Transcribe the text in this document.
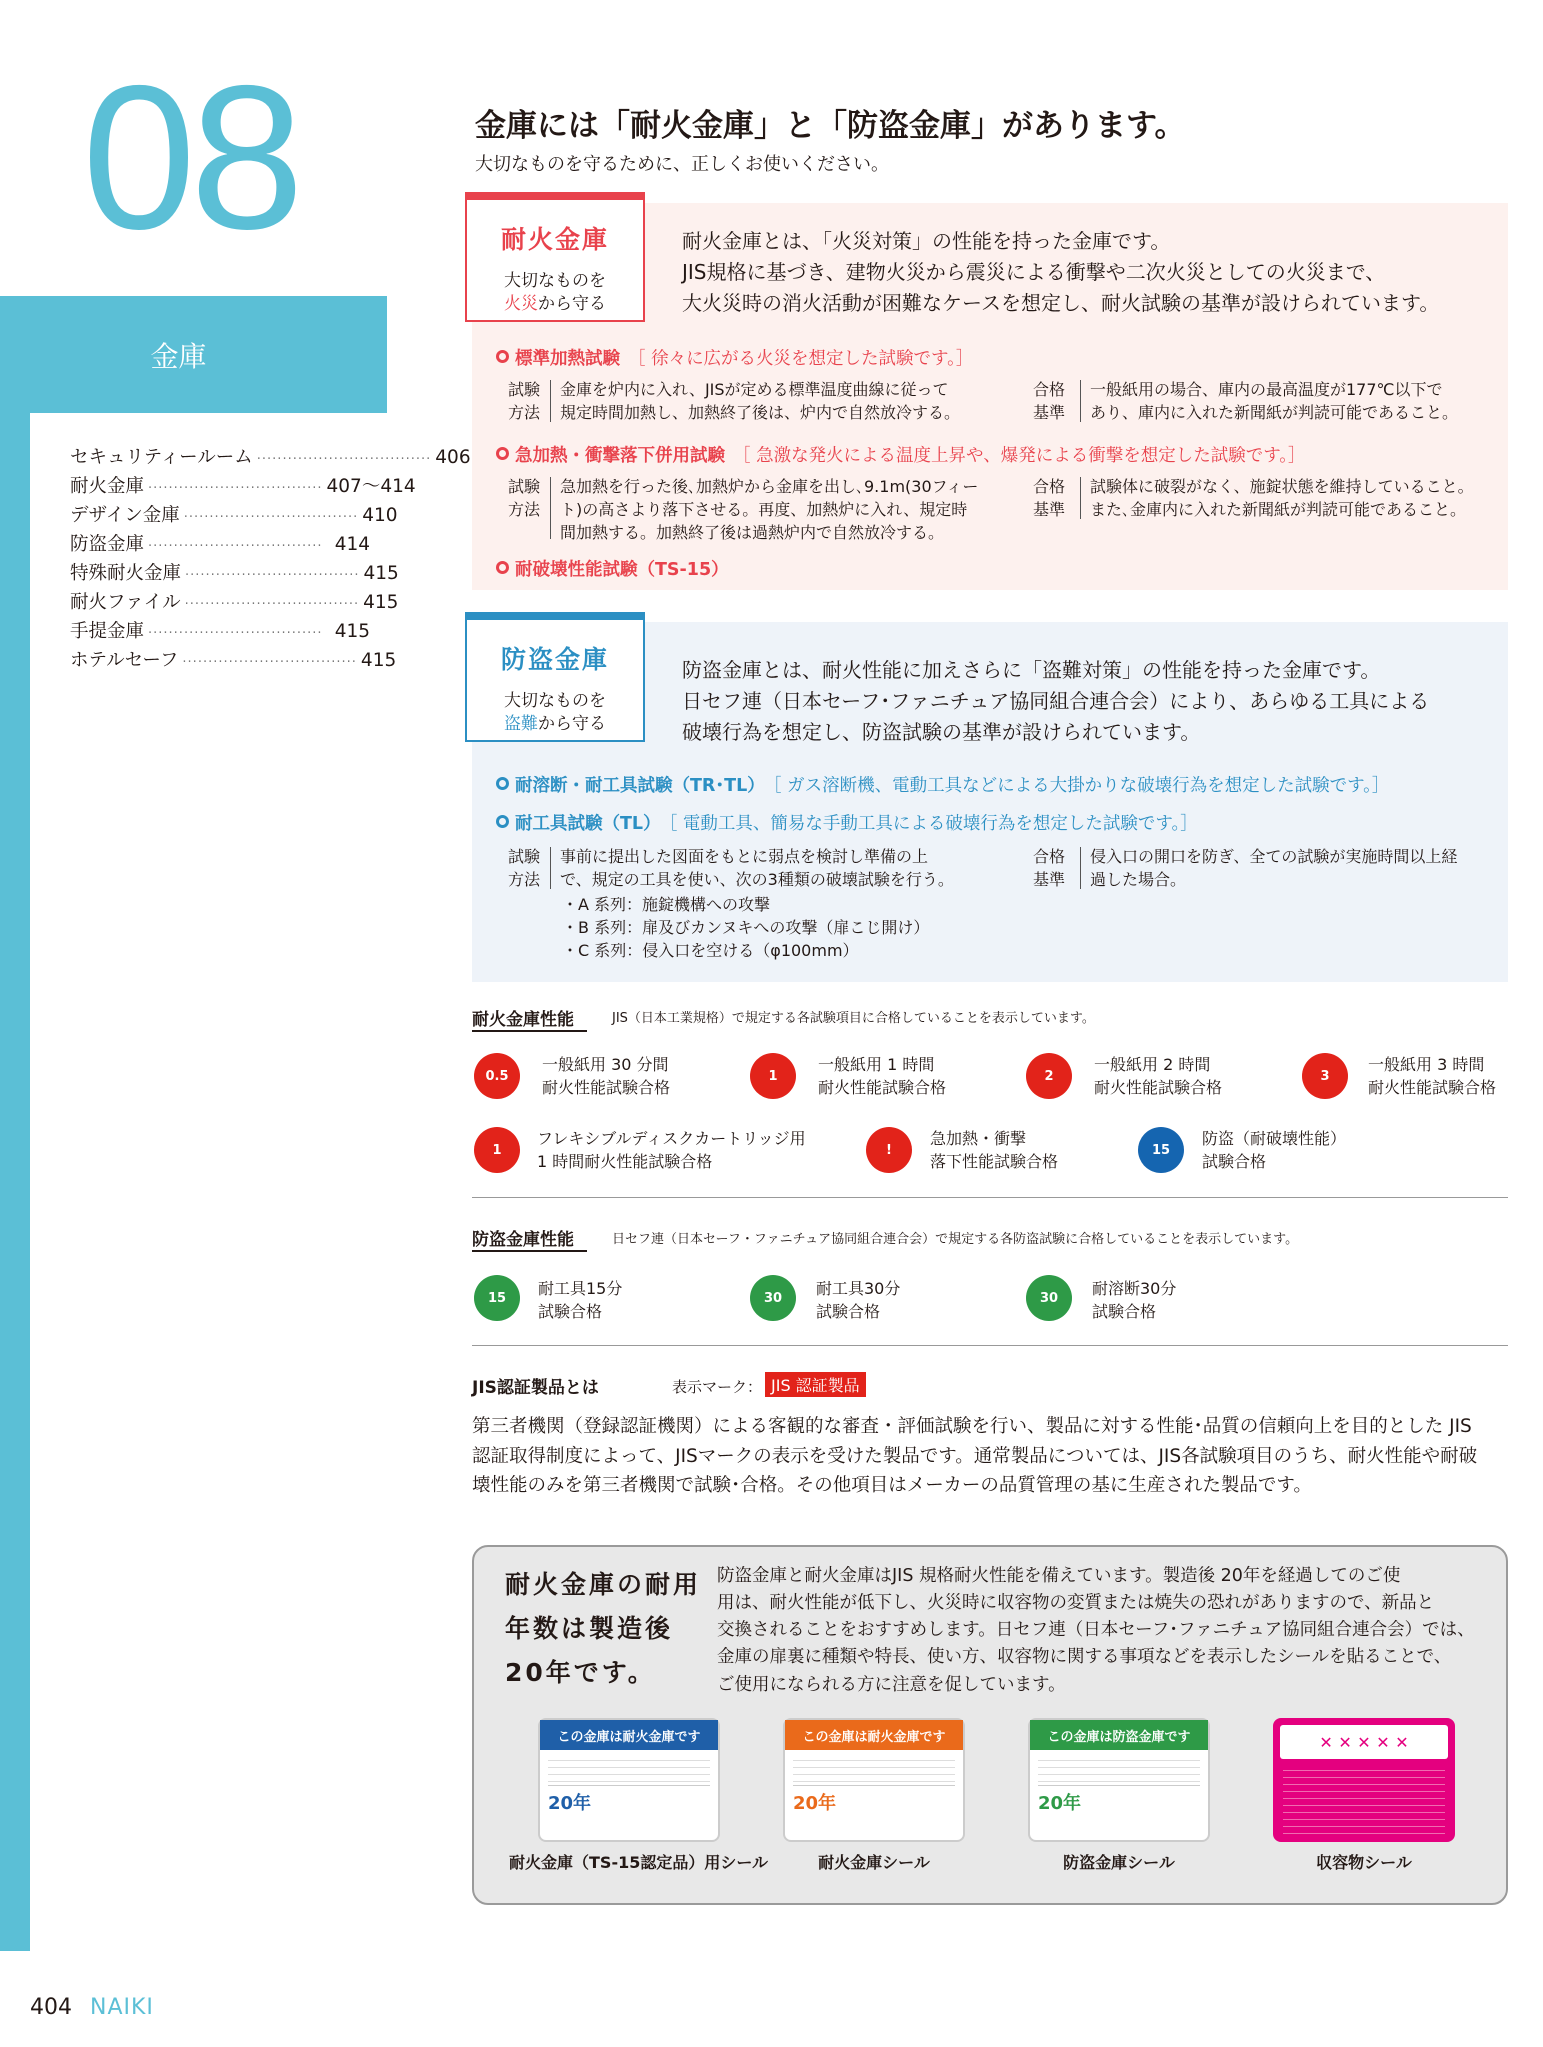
08
金庫
セキュリティールーム ·································· 406
耐火金庫 ·································· 407～414
デザイン金庫 ·································· 410
防盗金庫 ·································· 414
特殊耐火金庫 ·································· 415
耐火ファイル ·································· 415
手提金庫 ·································· 415
ホテルセーフ ·································· 415
金庫には「耐火金庫」と「防盗金庫」があります。
大切なものを守るために、正しくお使いください。
耐火金庫
大切なものを
火災から守る
耐火金庫とは、「火災対策」の性能を持った金庫です。
JIS規格に基づき、建物火災から震災による衝撃や二次火災としての火災まで、
大火災時の消火活動が困難なケースを想定し、耐火試験の基準が設けられています。
標準加熱試験 ［ 徐々に広がる火災を想定した試験です。］
試験
方法
金庫を炉内に入れ、JISが定める標準温度曲線に従って
規定時間加熱し、加熱終了後は、炉内で自然放冷する。
合格
基準
一般紙用の場合、庫内の最高温度が177℃以下で
あり、庫内に入れた新聞紙が判読可能であること。
急加熱・衝撃落下併用試験 ［ 急激な発火による温度上昇や、爆発による衝撃を想定した試験です。］
試験
方法
急加熱を行った後､加熱炉から金庫を出し､9.1m(30フィー
ト)の高さより落下させる。再度、加熱炉に入れ、規定時
間加熱する。加熱終了後は過熱炉内で自然放冷する。
合格
基準
試験体に破裂がなく、施錠状態を維持していること。
また､金庫内に入れた新聞紙が判読可能であること。
耐破壊性能試験（TS-15）
防盗金庫
大切なものを
盗難から守る
防盗金庫とは、耐火性能に加えさらに「盗難対策」の性能を持った金庫です。
日セフ連（日本セーフ･ファニチュア協同組合連合会）により、あらゆる工具による
破壊行為を想定し、防盗試験の基準が設けられています。
耐溶断・耐工具試験（TR･TL） ［ ガス溶断機、電動工具などによる大掛かりな破壊行為を想定した試験です。］
耐工具試験（TL） ［ 電動工具、簡易な手動工具による破壊行為を想定した試験です。］
試験
方法
事前に提出した図面をもとに弱点を検討し準備の上
で、規定の工具を使い、次の3種類の破壊試験を行う。
・A 系列：施錠機構への攻撃
・B 系列：扉及びカンヌキへの攻撃（扉こじ開け）
・C 系列：侵入口を空ける（φ100mm）
合格
基準
侵入口の開口を防ぎ、全ての試験が実施時間以上経
過した場合。
耐火金庫性能	JIS（日本工業規格）で規定する各試験項目に合格していることを表示しています。
0.5
一般紙用 30 分間
耐火性能試験合格
1
一般紙用 1 時間
耐火性能試験合格
2
一般紙用 2 時間
耐火性能試験合格
3
一般紙用 3 時間
耐火性能試験合格
1
フレキシブルディスクカートリッジ用
1 時間耐火性能試験合格
!
急加熱・衝撃
落下性能試験合格
15
防盗（耐破壊性能）
試験合格
防盗金庫性能	日セフ連（日本セーフ・ファニチュア協同組合連合会）で規定する各防盗試験に合格していることを表示しています。
15	耐工具15分
試験合格
30	耐工具30分
試験合格
30	耐溶断30分
試験合格
JIS認証製品とは	表示マーク： JIS 認証製品
第三者機関（登録認証機関）による客観的な審査・評価試験を行い、製品に対する性能･品質の信頼向上を目的とした JIS
認証取得制度によって、JISマークの表示を受けた製品です。通常製品については、JIS各試験項目のうち、耐火性能や耐破
壊性能のみを第三者機関で試験･合格。その他項目はメーカーの品質管理の基に生産された製品です。
耐火金庫の耐用
年数は製造後
20年です。
防盗金庫と耐火金庫はJIS 規格耐火性能を備えています。製造後 20年を経過してのご使
用は、耐火性能が低下し、火災時に収容物の変質または焼失の恐れがありますので、新品と
交換されることをおすすめします。日セフ連（日本セーフ･ファニチュア協同組合連合会）では、
金庫の扉裏に種類や特長、使い方、収容物に関する事項などを表示したシールを貼ることで、
ご使用になられる方に注意を促しています。
この金庫は耐火金庫です
20年
耐火金庫（TS-15認定品）用シール
この金庫は耐火金庫です
20年
耐火金庫シール
この金庫は防盗金庫です
20年
防盗金庫シール
✕ ✕ ✕ ✕ ✕
収容物シール
404 NAIKI
